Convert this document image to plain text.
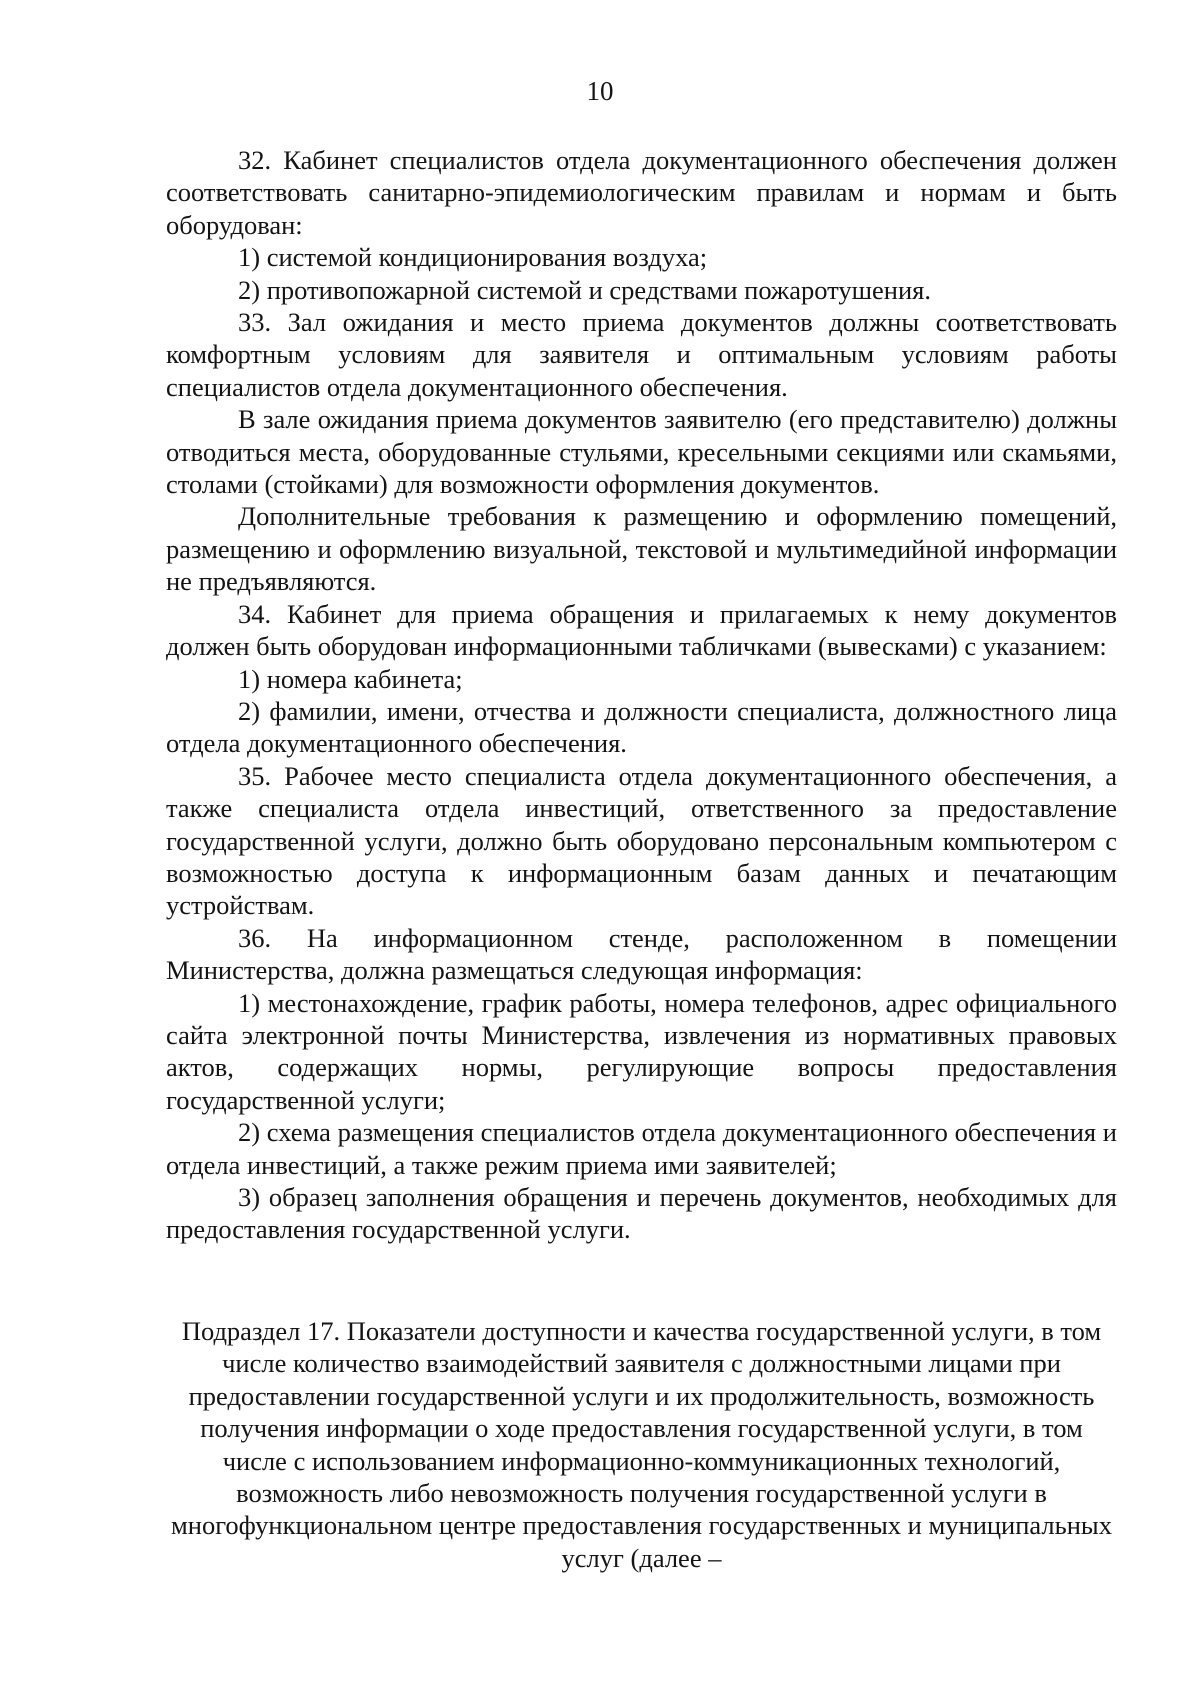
10

32. Кабинет специалистов отдела документационного обеспечения должен соответствовать санитарно-эпидемиологическим правилам и нормам и быть оборудован:

1) системой кондиционирования воздуха;

2) противопожарной системой и средствами пожаротушения.

33. Зал ожидания и место приема документов должны соответствовать комфортным условиям для заявителя и оптимальным условиям работы специалистов отдела документационного обеспечения.

В зале ожидания приема документов заявителю (его представителю) должны отводиться места, оборудованные стульями, кресельными секциями или скамьями, столами (стойками) для возможности оформления документов.

Дополнительные требования к размещению и оформлению помещений, размещению и оформлению визуальной, текстовой и мультимедийной информации не предъявляются.

34. Кабинет для приема обращения и прилагаемых к нему документов должен быть оборудован информационными табличками (вывесками) с указанием:

1) номера кабинета;

2) фамилии, имени, отчества и должности специалиста, должностного лица отдела документационного обеспечения.

35. Рабочее место специалиста отдела документационного обеспечения, а также специалиста отдела инвестиций, ответственного за предоставление государственной услуги, должно быть оборудовано персональным компьютером с возможностью доступа к информационным базам данных и печатающим устройствам.

36. На информационном стенде, расположенном в помещении Министерства, должна размещаться следующая информация:

1) местонахождение, график работы, номера телефонов, адрес официального сайта электронной почты Министерства, извлечения из нормативных правовых актов, содержащих нормы, регулирующие вопросы предоставления государственной услуги;

2) схема размещения специалистов отдела документационного обеспечения и отдела инвестиций, а также режим приема ими заявителей;

3) образец заполнения обращения и перечень документов, необходимых для предоставления государственной услуги.

Подраздел 17. Показатели доступности и качества государственной услуги, в том числе количество взаимодействий заявителя с должностными лицами при предоставлении государственной услуги и их продолжительность, возможность получения информации о ходе предоставления государственной услуги, в том числе с использованием информационно-коммуникационных технологий, возможность либо невозможность получения государственной услуги в многофункциональном центре предоставления государственных и муниципальных услуг (далее –
